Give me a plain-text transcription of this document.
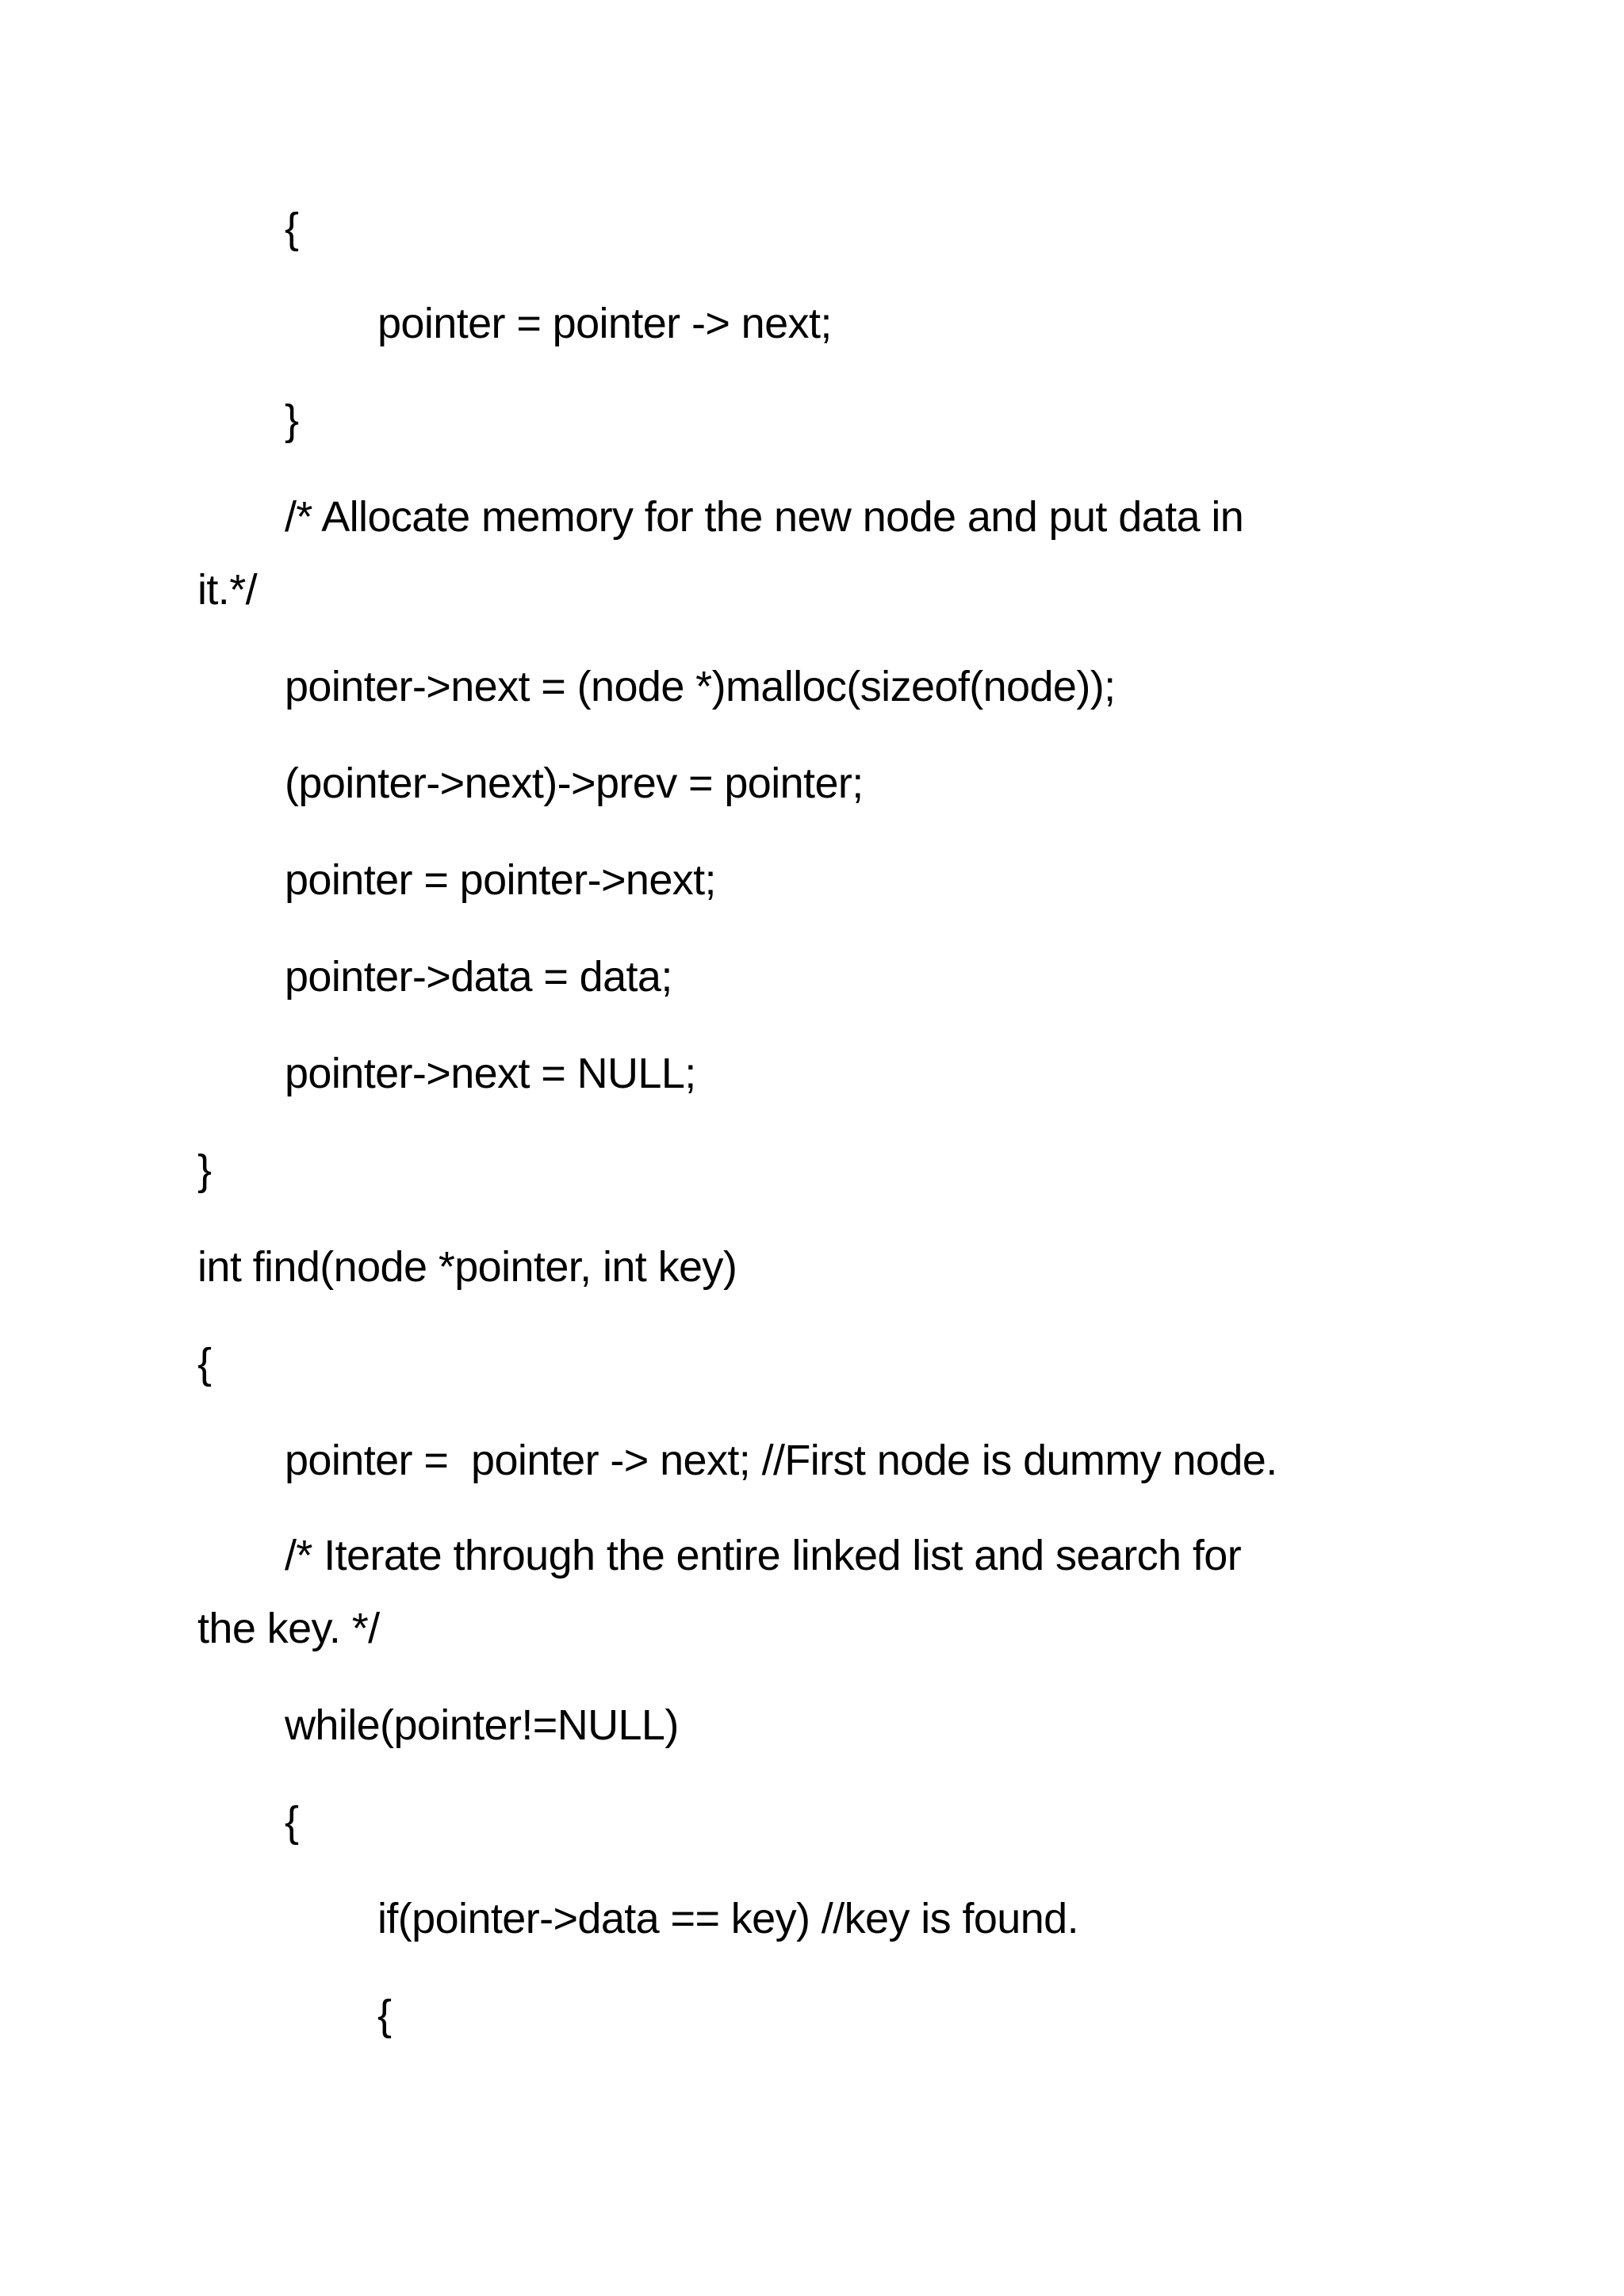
{
pointer = pointer -> next;
}
/* Allocate memory for the new node and put data in
it.*/
pointer->next = (node *)malloc(sizeof(node));
(pointer->next)->prev = pointer;
pointer = pointer->next;
pointer->data = data;
pointer->next = NULL;
}
int find(node *pointer, int key)
{
pointer =  pointer -> next; //First node is dummy node.
/* Iterate through the entire linked list and search for
the key. */
while(pointer!=NULL)
{
if(pointer->data == key) //key is found.
{
